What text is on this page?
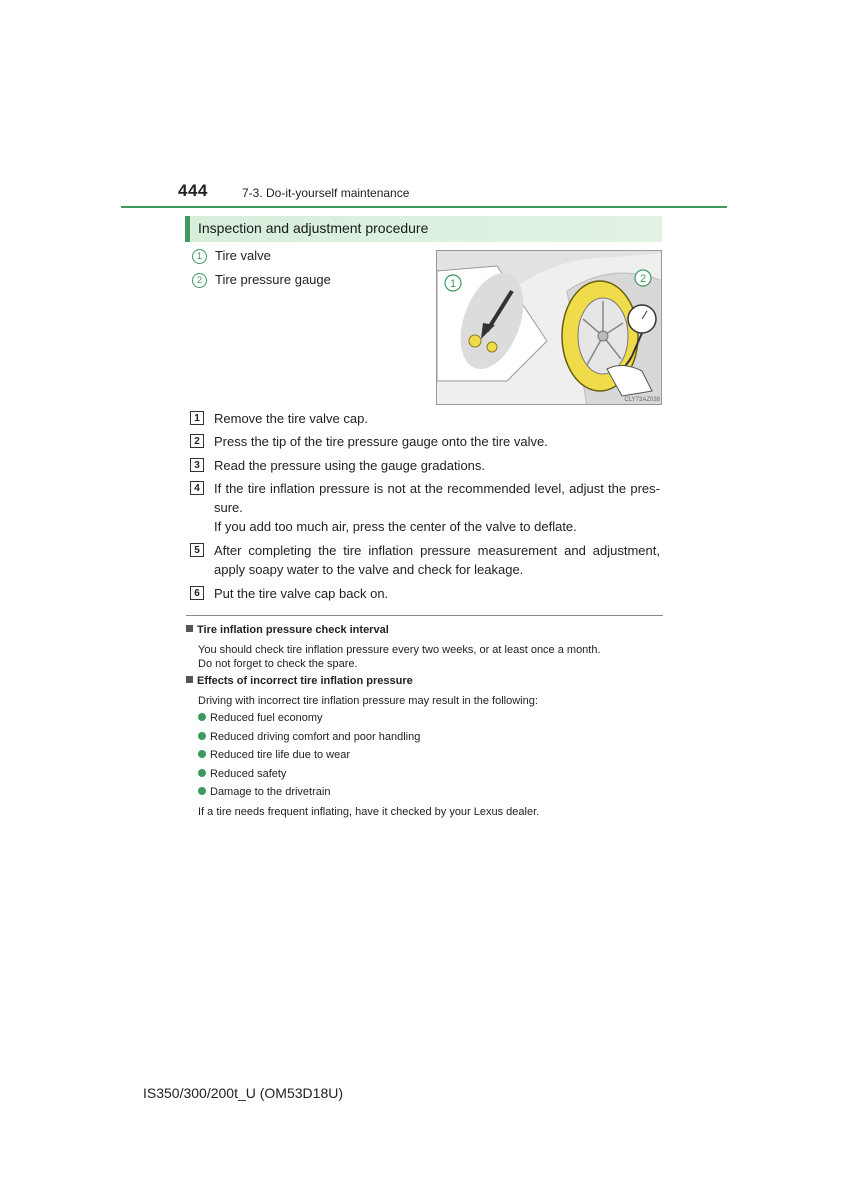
444	7-3. Do-it-yourself maintenance
Inspection and adjustment procedure
1 Tire valve
2 Tire pressure gauge	1	2
CLY73AZ038
1	Remove the tire valve cap.
2	Press the tip of the tire pressure gauge onto the tire valve.
3	Read the pressure using the gauge gradations.
4	If the tire inflation pressure is not at the recommended level, adjust the pres-sure.
If you add too much air, press the center of the valve to deflate.
5	After completing the tire inflation pressure measurement and adjustment, apply soapy water to the valve and check for leakage.
6	Put the tire valve cap back on.
Tire inflation pressure check interval
You should check tire inflation pressure every two weeks, or at least once a month.
Do not forget to check the spare.
Effects of incorrect tire inflation pressure
Driving with incorrect tire inflation pressure may result in the following:
Reduced fuel economy
Reduced driving comfort and poor handling
Reduced tire life due to wear
Reduced safety
Damage to the drivetrain
If a tire needs frequent inflating, have it checked by your Lexus dealer.
IS350/300/200t_U (OM53D18U)
